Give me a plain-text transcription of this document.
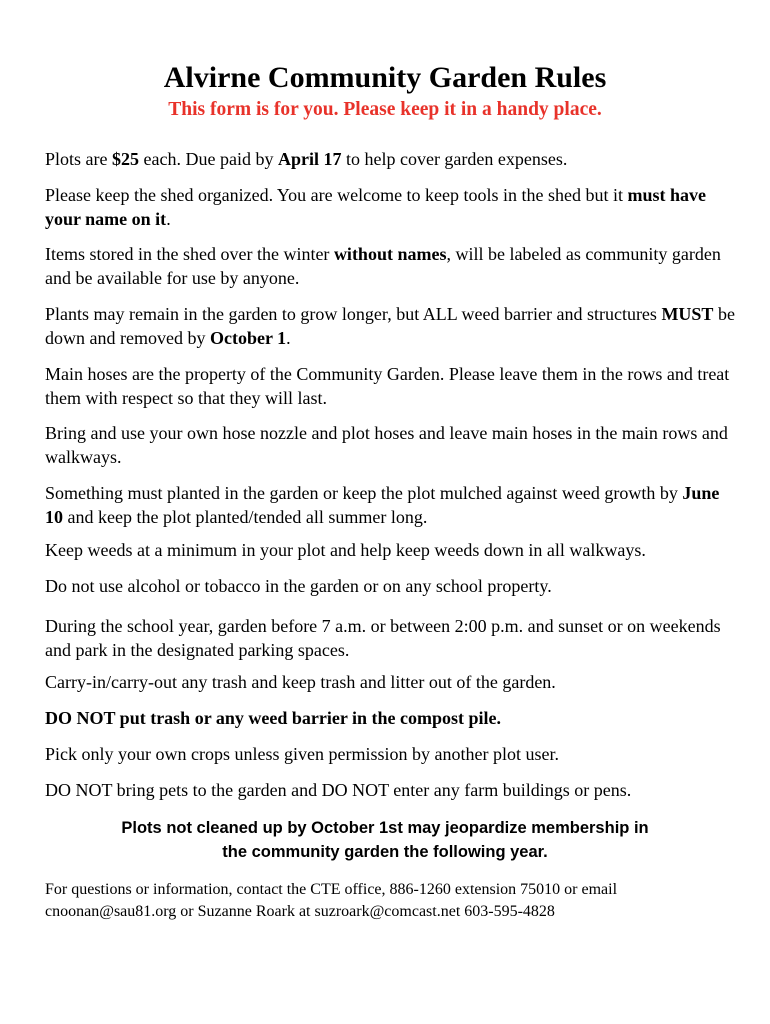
Alvirne Community Garden Rules
This form is for you. Please keep it in a handy place.

Plots are $25 each. Due paid by April 17 to help cover garden expenses.

Please keep the shed organized. You are welcome to keep tools in the shed but it must have your name on it.

Items stored in the shed over the winter without names, will be labeled as community garden and be available for use by anyone.

Plants may remain in the garden to grow longer, but ALL weed barrier and structures MUST be down and removed by October 1.

Main hoses are the property of the Community Garden. Please leave them in the rows and treat them with respect so that they will last.

Bring and use your own hose nozzle and plot hoses and leave main hoses in the main rows and walkways.

Something must planted in the garden or keep the plot mulched against weed growth by June 10 and keep the plot planted/tended all summer long.

Keep weeds at a minimum in your plot and help keep weeds down in all walkways.

Do not use alcohol or tobacco in the garden or on any school property.

During the school year, garden before 7 a.m. or between 2:00 p.m. and sunset or on weekends and park in the designated parking spaces.

Carry-in/carry-out any trash and keep trash and litter out of the garden.

DO NOT put trash or any weed barrier in the compost pile.

Pick only your own crops unless given permission by another plot user.

DO NOT bring pets to the garden and DO NOT enter any farm buildings or pens.

Plots not cleaned up by October 1st may jeopardize membership in
the community garden the following year.
For questions or information, contact the CTE office, 886-1260 extension 75010 or email
cnoonan@sau81.org or Suzanne Roark at suzroark@comcast.net 603-595-4828
